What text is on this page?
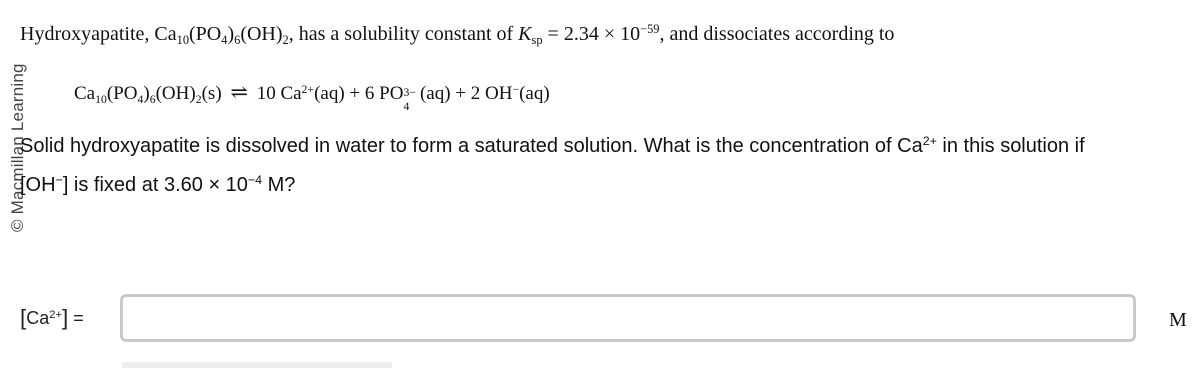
© Macmillan Learning
Hydroxyapatite, $Ca_{10}(PO_4)_6(OH)_2$, has a solubility constant of $K_{sp} = 2.34 \times 10^{-59}$, and dissociates according to
$Ca_{10}(PO_4)_6(OH)_2(s)$ ⇌ 10 $Ca^{2+}(aq) + 6$ PO 3−
4
(aq) + 2 OH−(aq)
Solid hydroxyapatite is dissolved in water to form a saturated solution. What is the concentration of $Ca^{2+}$ in this solution if
[OH−] is fixed at $3.60 \times 10^{-4}$ M?
$[Ca^{2+}]$ =	M
